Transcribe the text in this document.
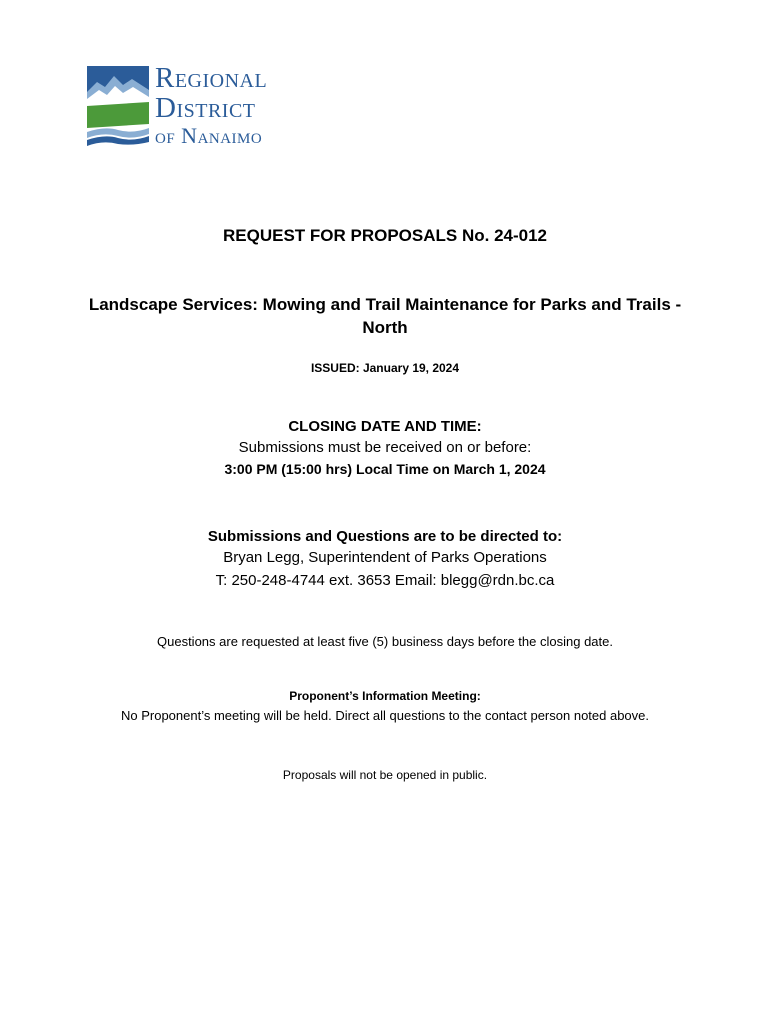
Regional
District
of Nanaimo
REQUEST FOR PROPOSALS No. 24-012
Landscape Services: Mowing and Trail Maintenance for Parks and Trails -
North
ISSUED: January 19, 2024
CLOSING DATE AND TIME:
Submissions must be received on or before:
3:00 PM (15:00 hrs) Local Time on March 1, 2024
Submissions and Questions are to be directed to:
Bryan Legg, Superintendent of Parks Operations
T: 250-248-4744 ext. 3653 Email: blegg@rdn.bc.ca
Questions are requested at least five (5) business days before the closing date.
Proponent’s Information Meeting:
No Proponent’s meeting will be held. Direct all questions to the contact person noted above.
Proposals will not be opened in public.
